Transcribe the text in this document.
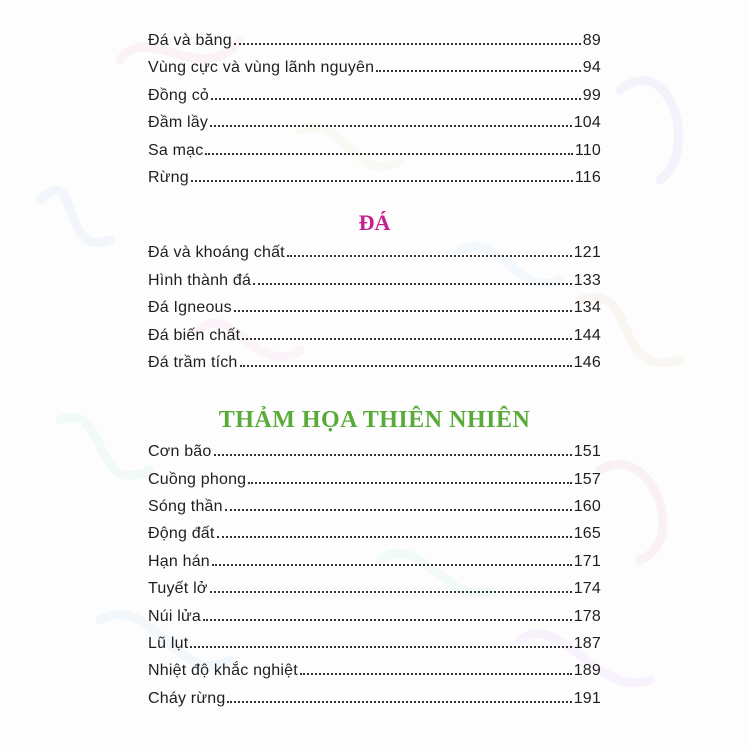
Đá và băng	89
Vùng cực và vùng lãnh nguyên	94
Đồng cỏ	99
Đầm lầy	104
Sa mạc	110
Rừng	116
ĐÁ
Đá và khoáng chất	121
Hình thành đá	133
Đá Igneous	134
Đá biến chất	144
Đá trầm tích	146
THẢM HỌA THIÊN NHIÊN
Cơn bão	151
Cuồng phong	157
Sóng thần	160
Động đất	165
Hạn hán	171
Tuyết lở	174
Núi lửa	178
Lũ lụt	187
Nhiệt độ khắc nghiệt	189
Cháy rừng	191
